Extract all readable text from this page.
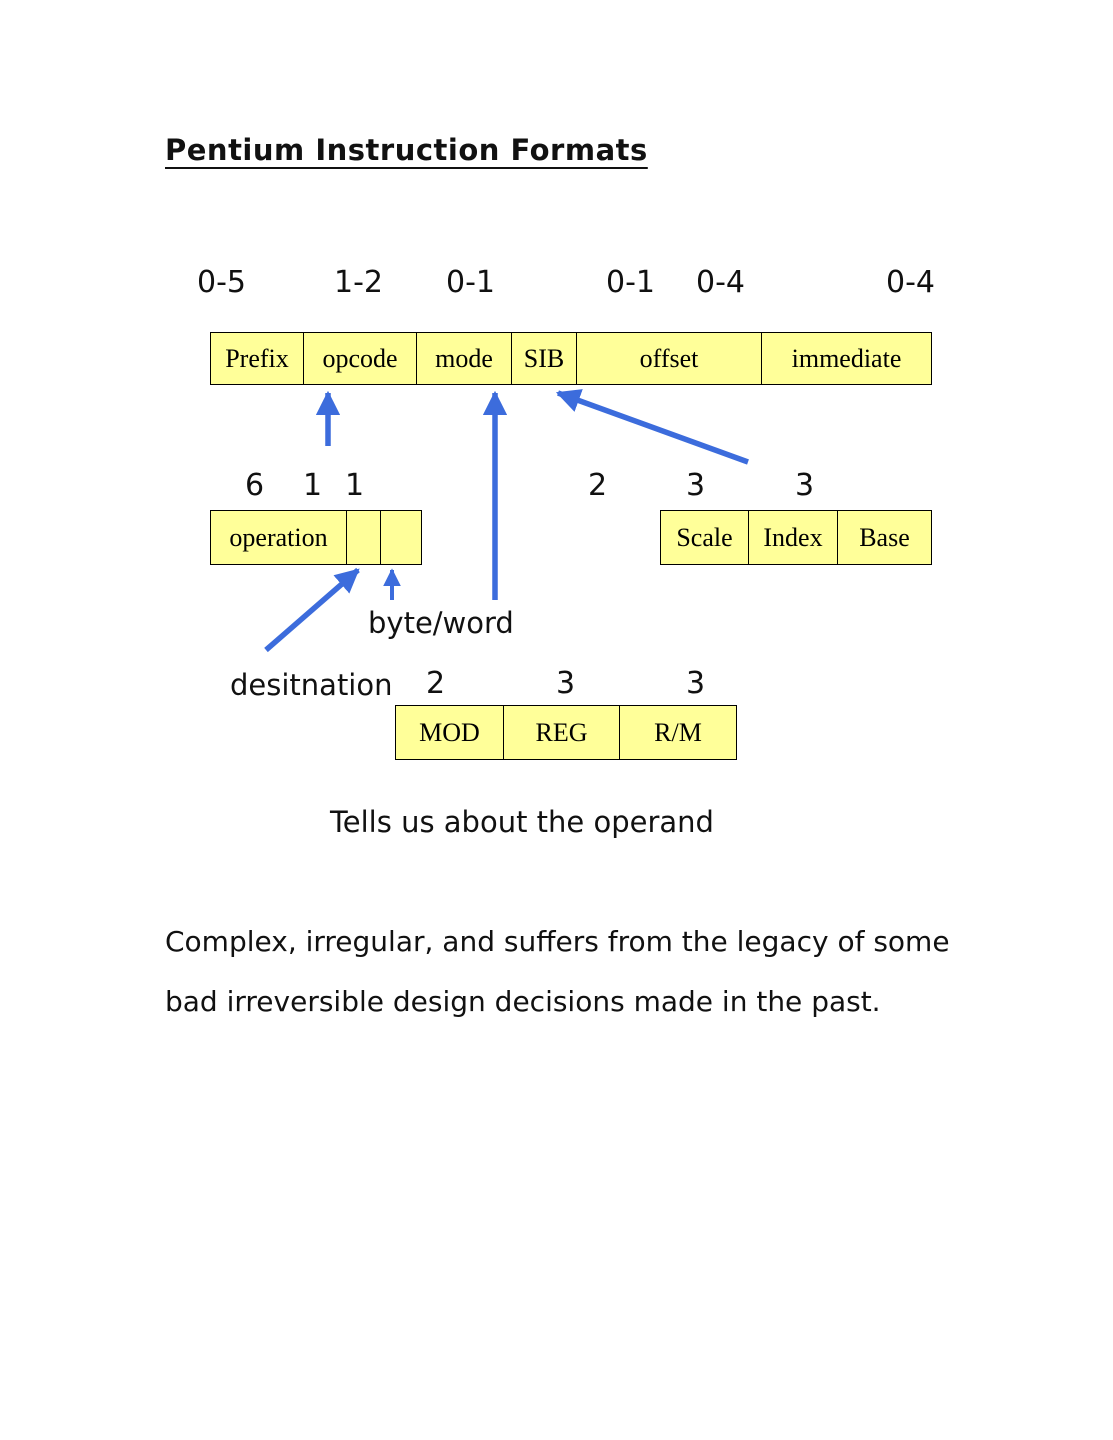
Pentium Instruction Formats
0-5	1-2 0-1	0-1 0-4	0-4
Prefix	opcode	mode	SIB	offset	immediate
6 1 1
operation
2	3	3
Scale	Index	Base
byte/word
desitnation 2	3	3
MOD	REG	R/M
Tells us about the operand
Complex, irregular, and suffers from the legacy of some
bad irreversible design decisions made in the past.
